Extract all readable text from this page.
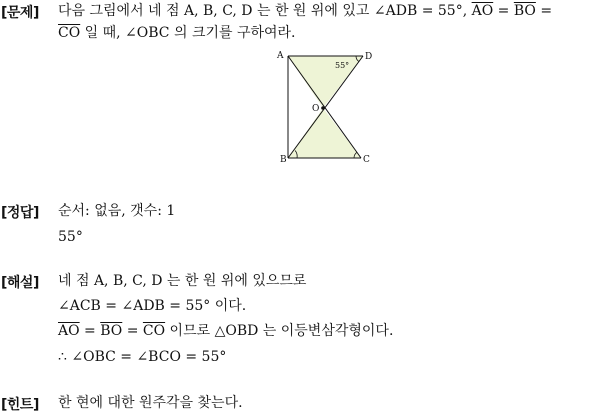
[문제] 다음 그림에서 네 점 A, B, C, D 는 한 원 위에 있고 ∠ADB = 55°, $\overline{AO} = \overline{BO}$ =
$\overline{CO}$ 일 때, ∠OBC 의 크기를 구하여라.
A	D
B	C
O
55°
[정답] 순서: 없음, 갯수: 1
55°
[해설] 네 점 A, B, C, D 는 한 원 위에 있으므로
∠ACB = ∠ADB = 55° 이다.
$\overline{AO} = \overline{BO} = \overline{CO}$ 이므로 △OBD 는 이등변삼각형이다.
∴ ∠OBC = ∠BCO = 55°
[힌트] 한 현에 대한 원주각을 찾는다.
